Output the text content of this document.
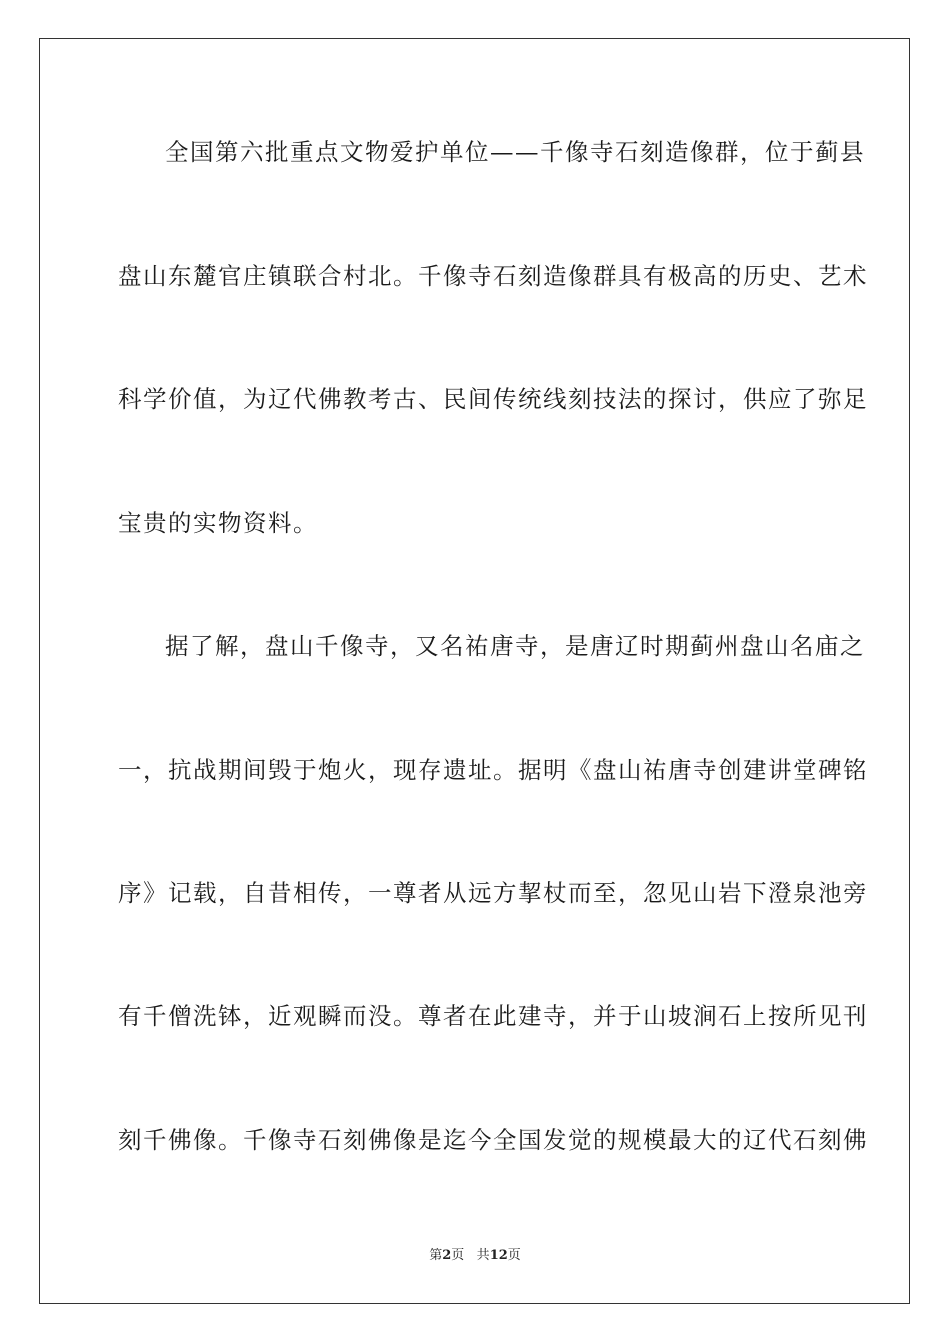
全国第六批重点文物爱护单位——千像寺石刻造像群，位于蓟县
盘山东麓官庄镇联合村北。千像寺石刻造像群具有极高的历史、艺术
科学价值，为辽代佛教考古、民间传统线刻技法的探讨，供应了弥足
宝贵的实物资料。
据了解，盘山千像寺，又名祐唐寺，是唐辽时期蓟州盘山名庙之
一，抗战期间毁于炮火，现存遗址。据明《盘山祐唐寺创建讲堂碑铭
序》记载，自昔相传，一尊者从远方挈杖而至，忽见山岩下澄泉池旁
有千僧洗钵，近观瞬而没。尊者在此建寺，并于山坡涧石上按所见刊
刻千佛像。千像寺石刻佛像是迄今全国发觉的规模最大的辽代石刻佛
第2页 共12页
